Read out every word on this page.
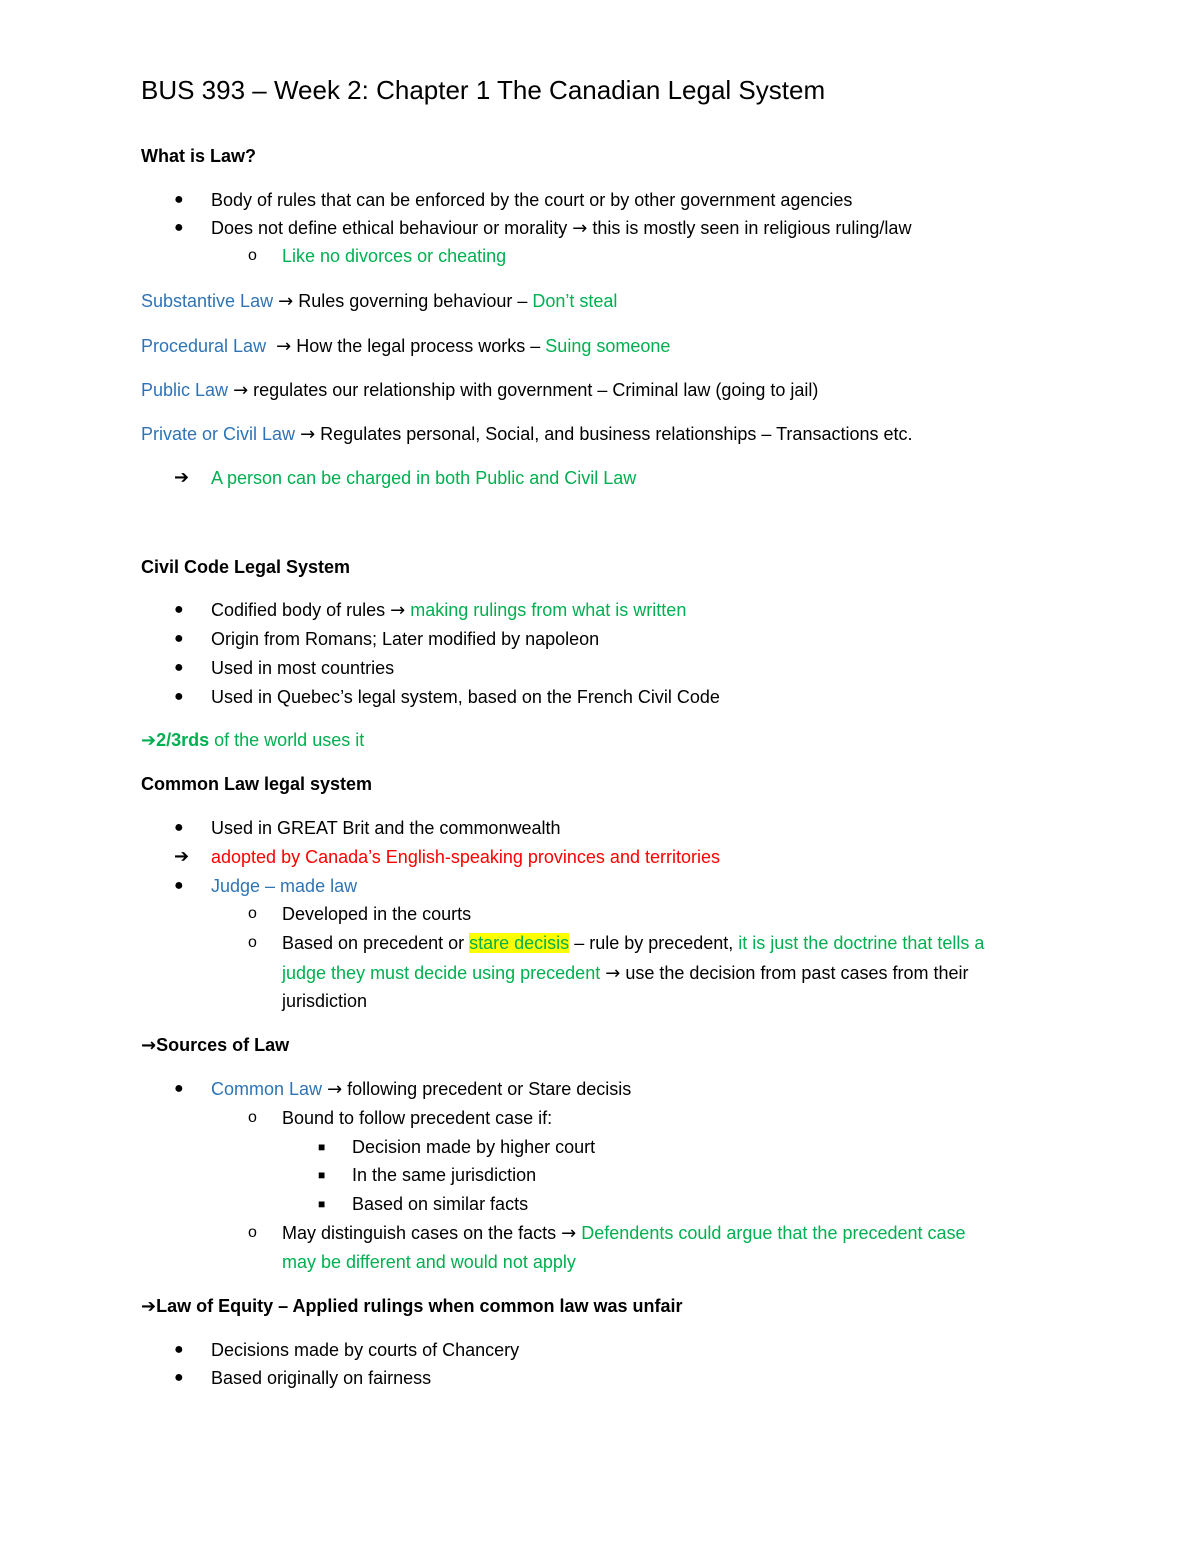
BUS 393 – Week 2: Chapter 1 The Canadian Legal System
What is Law?
● Body of rules that can be enforced by the court or by other government agencies
● Does not define ethical behaviour or morality → this is mostly seen in religious ruling/law
o Like no divorces or cheating
Substantive Law → Rules governing behaviour – Don’t steal
Procedural Law → How the legal process works – Suing someone
Public Law → regulates our relationship with government – Criminal law (going to jail)
Private or Civil Law → Regulates personal, Social, and business relationships – Transactions etc.
➔ A person can be charged in both Public and Civil Law
Civil Code Legal System
● Codified body of rules → making rulings from what is written
● Origin from Romans; Later modified by napoleon
● Used in most countries
● Used in Quebec’s legal system, based on the French Civil Code
➔2/3rds of the world uses it
Common Law legal system
● Used in GREAT Brit and the commonwealth
➔ adopted by Canada’s English-speaking provinces and territories
● Judge – made law
o Developed in the courts
o Based on precedent or stare decisis – rule by precedent, it is just the doctrine that tells a
judge they must decide using precedent → use the decision from past cases from their
jurisdiction
→Sources of Law
● Common Law → following precedent or Stare decisis
o Bound to follow precedent case if:
■ Decision made by higher court
■ In the same jurisdiction
■ Based on similar facts
o May distinguish cases on the facts → Defendents could argue that the precedent case
may be different and would not apply
➔Law of Equity – Applied rulings when common law was unfair
● Decisions made by courts of Chancery
● Based originally on fairness
